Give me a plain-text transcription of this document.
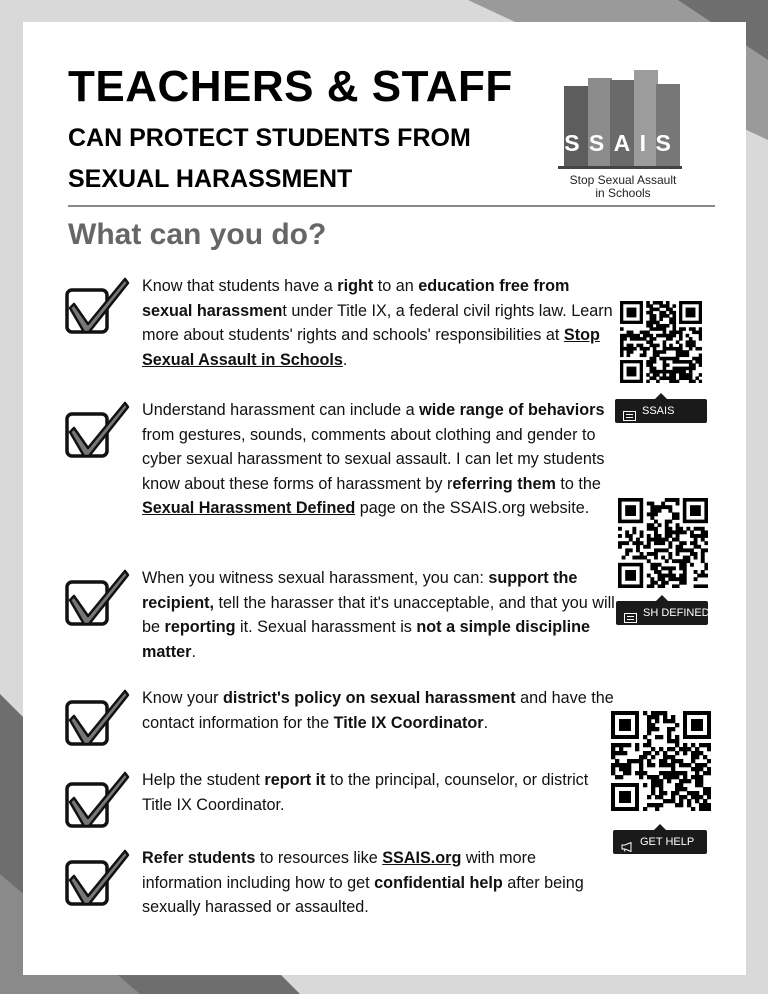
TEACHERS & STAFF
CAN PROTECT STUDENTS FROM
SEXUAL HARASSMENT
S S A I S
Stop Sexual Assault
in Schools
What can you do?
Know that students have a right to an education free from sexual harassment under Title IX, a federal civil rights law. Learn more about students' rights and schools' responsibilities at Stop Sexual Assault in Schools.
Understand harassment can include a wide range of behaviors from gestures, sounds, comments about clothing and gender to cyber sexual harassment to sexual assault. I can let my students know about these forms of harassment by referring them to the Sexual Harassment Defined page on the SSAIS.org website.
When you witness sexual harassment, you can: support the recipient, tell the harasser that it's unacceptable, and that you will be reporting it. Sexual harassment is not a simple discipline matter.
Know your district's policy on sexual harassment and have the contact information for the Title IX Coordinator.
Help the student report it to the principal, counselor, or district Title IX Coordinator.
Refer students to resources like SSAIS.org with more information including how to get confidential help after being sexually harassed or assaulted.
SSAIS
SH DEFINED
GET HELP
